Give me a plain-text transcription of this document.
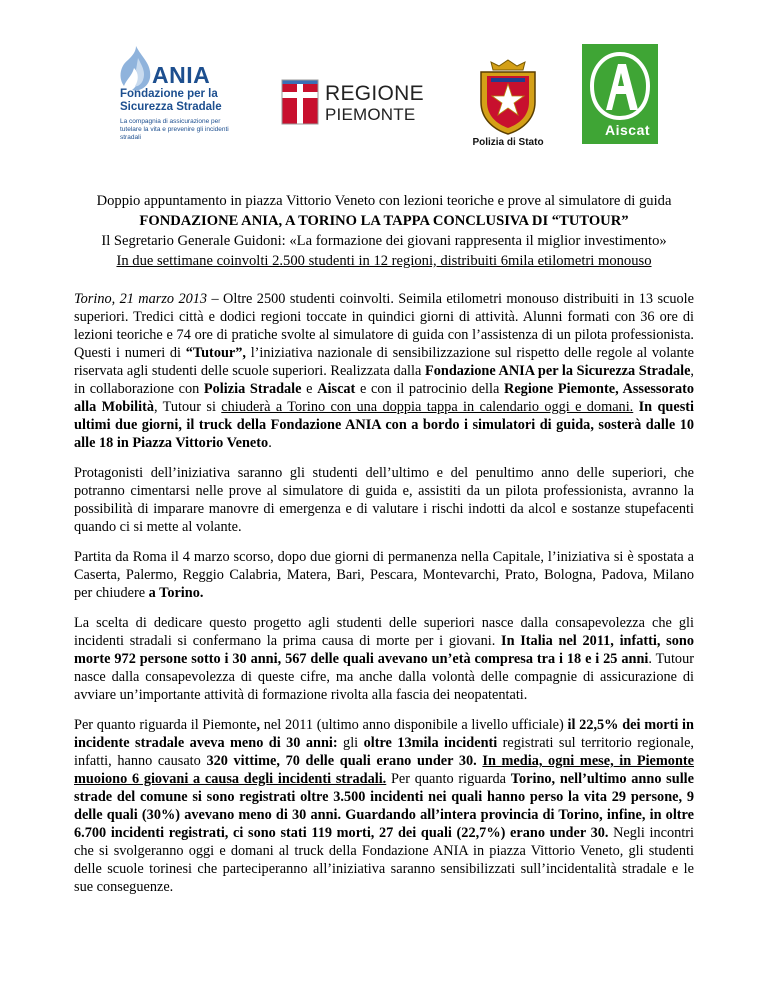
ANIA
Fondazione per la Sicurezza Stradale
La compagnia di assicurazione per tutelare la vita e prevenire gli incidenti stradali
REGIONE
PIEMONTE
Polizia di Stato
Aiscat

Doppio appuntamento in piazza Vittorio Veneto con lezioni teoriche e prove al simulatore di guida

FONDAZIONE ANIA, A TORINO LA TAPPA CONCLUSIVA DI “TUTOUR”

Il Segretario Generale Guidoni: «La formazione dei giovani rappresenta il miglior investimento»

In due settimane coinvolti 2.500 studenti in 12 regioni, distribuiti 6mila etilometri monouso

Torino, 21 marzo 2013 – Oltre 2500 studenti coinvolti. Seimila etilometri monouso distribuiti in 13 scuole superiori. Tredici città e dodici regioni toccate in quindici giorni di attività. Alunni formati con 36 ore di lezioni teoriche e 74 ore di pratiche svolte al simulatore di guida con l’assistenza di un pilota professionista. Questi i numeri di “Tutour”, l’iniziativa nazionale di sensibilizzazione sul rispetto delle regole al volante riservata agli studenti delle scuole superiori. Realizzata dalla Fondazione ANIA per la Sicurezza Stradale, in collaborazione con Polizia Stradale e Aiscat e con il patrocinio della Regione Piemonte, Assessorato alla Mobilità, Tutour si chiuderà a Torino con una doppia tappa in calendario oggi e domani. In questi ultimi due giorni, il truck della Fondazione ANIA con a bordo i simulatori di guida, sosterà dalle 10 alle 18 in Piazza Vittorio Veneto.

Protagonisti dell’iniziativa saranno gli studenti dell’ultimo e del penultimo anno delle superiori, che potranno cimentarsi nelle prove al simulatore di guida e, assistiti da un pilota professionista, avranno la possibilità di imparare manovre di emergenza e di valutare i rischi indotti da alcol e sostanze stupefacenti quando ci si mette al volante.

Partita da Roma il 4 marzo scorso, dopo due giorni di permanenza nella Capitale, l’iniziativa si è spostata a Caserta, Palermo, Reggio Calabria, Matera, Bari, Pescara, Montevarchi, Prato, Bologna, Padova, Milano per chiudere a Torino.

La scelta di dedicare questo progetto agli studenti delle superiori nasce dalla consapevolezza che gli incidenti stradali si confermano la prima causa di morte per i giovani. In Italia nel 2011, infatti, sono morte 972 persone sotto i 30 anni, 567 delle quali avevano un’età compresa tra i 18 e i 25 anni. Tutour nasce dalla consapevolezza di queste cifre, ma anche dalla volontà delle compagnie di assicurazione di avviare un’importante attività di formazione rivolta alla fascia dei neopatentati.

Per quanto riguarda il Piemonte, nel 2011 (ultimo anno disponibile a livello ufficiale) il 22,5% dei morti in incidente stradale aveva meno di 30 anni: gli oltre 13mila incidenti registrati sul territorio regionale, infatti, hanno causato 320 vittime, 70 delle quali erano under 30. In media, ogni mese, in Piemonte muoiono 6 giovani a causa degli incidenti stradali. Per quanto riguarda Torino, nell’ultimo anno sulle strade del comune si sono registrati oltre 3.500 incidenti nei quali hanno perso la vita 29 persone, 9 delle quali (30%) avevano meno di 30 anni. Guardando all’intera provincia di Torino, infine, in oltre 6.700 incidenti registrati, ci sono stati 119 morti, 27 dei quali (22,7%) erano under 30. Negli incontri che si svolgeranno oggi e domani al truck della Fondazione ANIA in piazza Vittorio Veneto, gli studenti delle scuole torinesi che parteciperanno all’iniziativa saranno sensibilizzati sull’incidentalità stradale e le sue conseguenze.
